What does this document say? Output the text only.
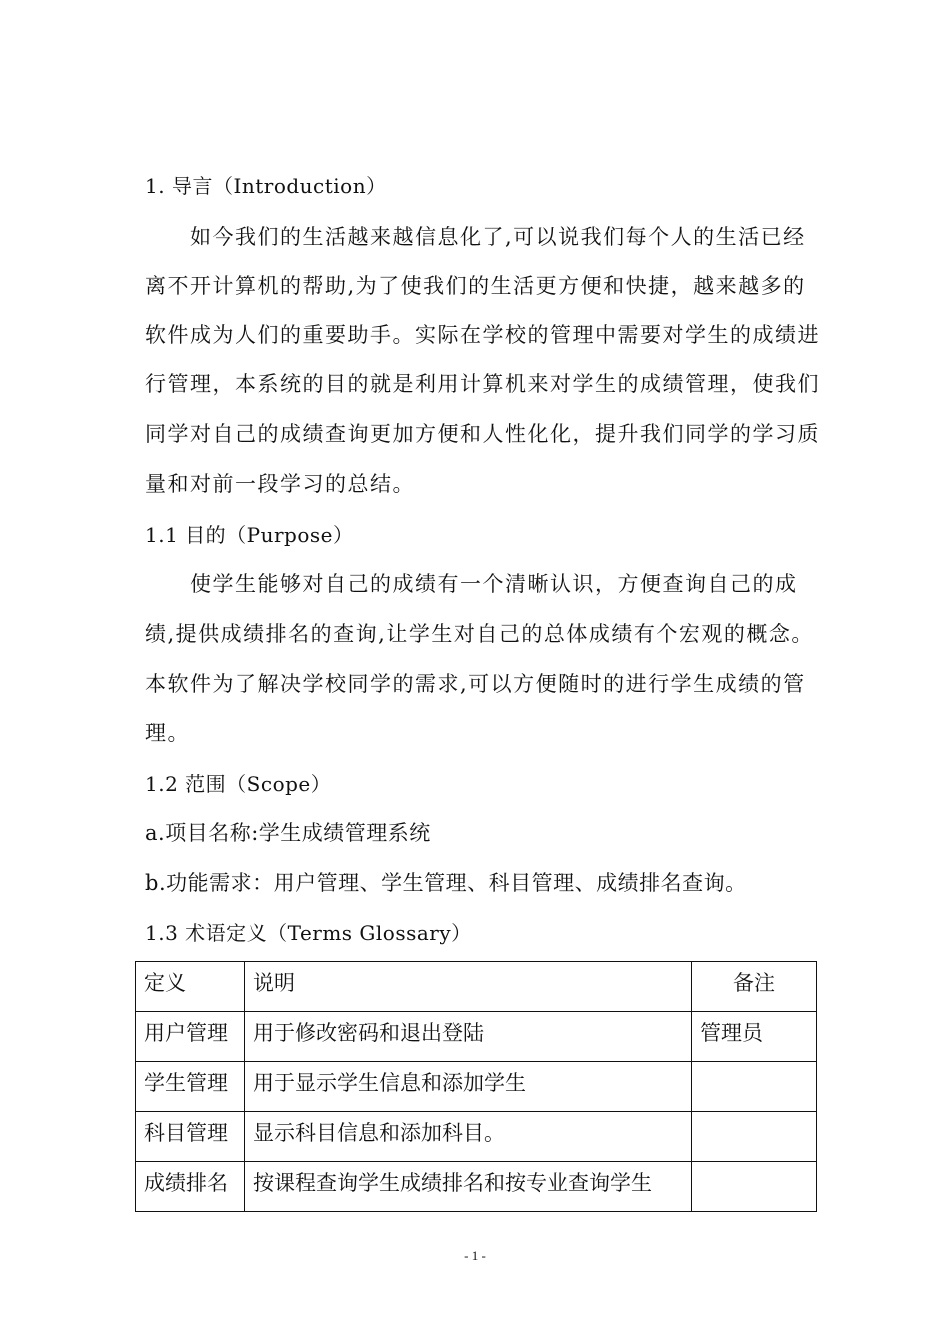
1. 导言（Introduction）
如今我们的生活越来越信息化了,可以说我们每个人的生活已经
离不开计算机的帮助,为了使我们的生活更方便和快捷，越来越多的
软件成为人们的重要助手。实际在学校的管理中需要对学生的成绩进
行管理，本系统的目的就是利用计算机来对学生的成绩管理，使我们
同学对自己的成绩查询更加方便和人性化化，提升我们同学的学习质
量和对前一段学习的总结。
1.1 目的（Purpose）
使学生能够对自己的成绩有一个清晰认识，方便查询自己的成
绩,提供成绩排名的查询,让学生对自己的总体成绩有个宏观的概念。
本软件为了解决学校同学的需求,可以方便随时的进行学生成绩的管
理。
1.2 范围（Scope）
a.项目名称:学生成绩管理系统
b.功能需求：用户管理、学生管理、科目管理、成绩排名查询。
1.3 术语定义（Terms Glossary）
定义	说明	备注
用户管理	用于修改密码和退出登陆	管理员
学生管理	用于显示学生信息和添加学生	
科目管理	显示科目信息和添加科目。	
成绩排名	按课程查询学生成绩排名和按专业查询学生	
- 1 -
